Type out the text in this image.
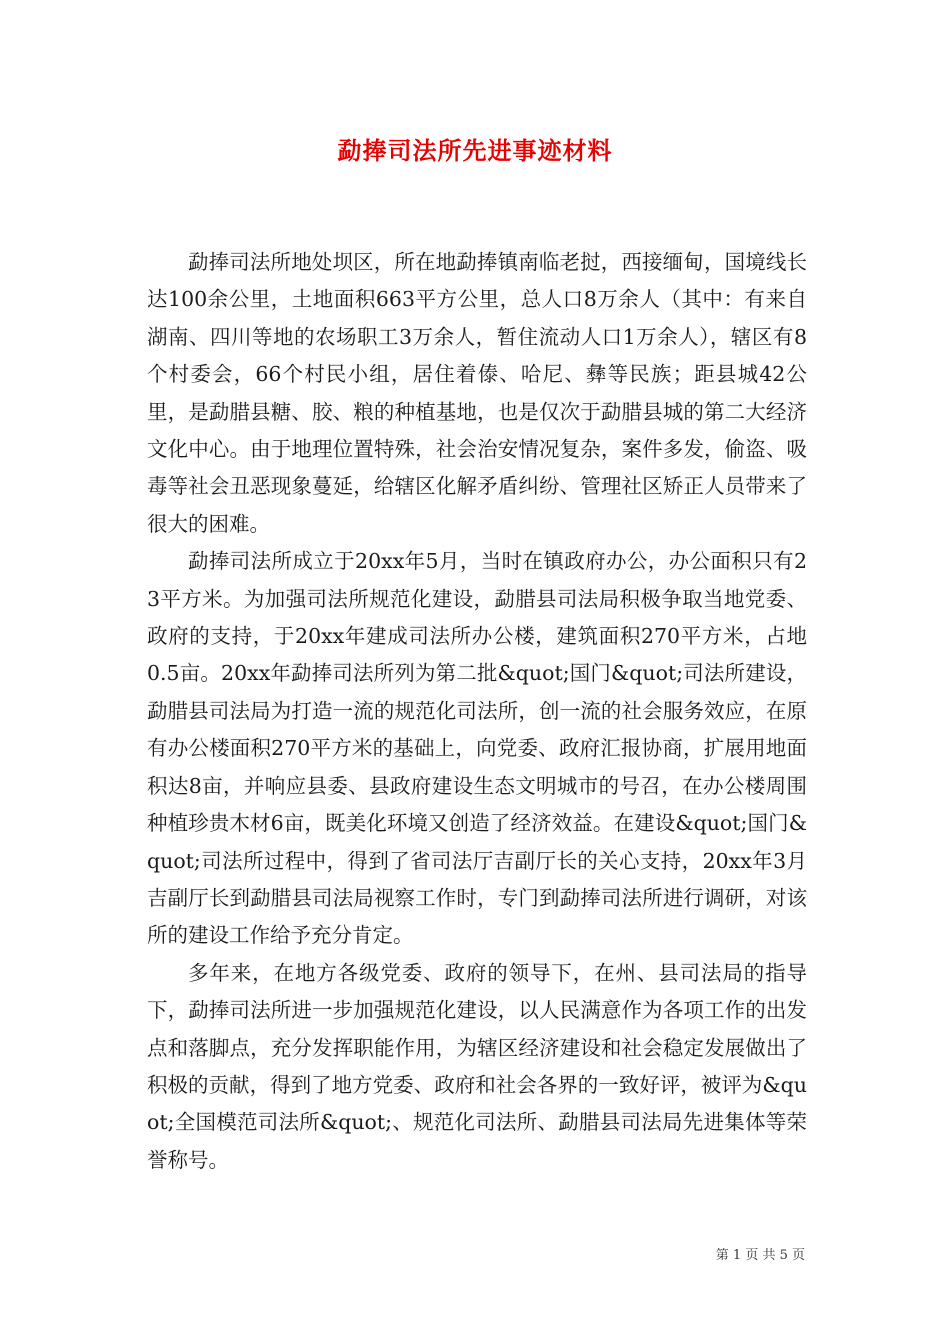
勐捧司法所先进事迹材料

勐捧司法所地处坝区，所在地勐捧镇南临老挝，西接缅甸，国境线长达100余公里，土地面积663平方公里，总人口8万余人（其中：有来自湖南、四川等地的农场职工3万余人，暂住流动人口1万余人），辖区有8个村委会，66个村民小组，居住着傣、哈尼、彝等民族；距县城42公里，是勐腊县糖、胶、粮的种植基地，也是仅次于勐腊县城的第二大经济文化中心。由于地理位置特殊，社会治安情况复杂，案件多发，偷盗、吸毒等社会丑恶现象蔓延，给辖区化解矛盾纠纷、管理社区矫正人员带来了很大的困难。

勐捧司法所成立于20xx年5月，当时在镇政府办公，办公面积只有23平方米。为加强司法所规范化建设，勐腊县司法局积极争取当地党委、政府的支持，于20xx年建成司法所办公楼，建筑面积270平方米，占地0.5亩。20xx年勐捧司法所列为第二批&quot;国门&quot;司法所建设，勐腊县司法局为打造一流的规范化司法所，创一流的社会服务效应，在原有办公楼面积270平方米的基础上，向党委、政府汇报协商，扩展用地面积达8亩，并响应县委、县政府建设生态文明城市的号召，在办公楼周围种植珍贵木材6亩，既美化环境又创造了经济效益。在建设&quot;国门&quot;司法所过程中，得到了省司法厅吉副厅长的关心支持，20xx年3月吉副厅长到勐腊县司法局视察工作时，专门到勐捧司法所进行调研，对该所的建设工作给予充分肯定。

多年来，在地方各级党委、政府的领导下，在州、县司法局的指导下，勐捧司法所进一步加强规范化建设，以人民满意作为各项工作的出发点和落脚点，充分发挥职能作用，为辖区经济建设和社会稳定发展做出了积极的贡献，得到了地方党委、政府和社会各界的一致好评，被评为&quot;全国模范司法所&quot;、规范化司法所、勐腊县司法局先进集体等荣誉称号。

第 1 页 共 5 页
